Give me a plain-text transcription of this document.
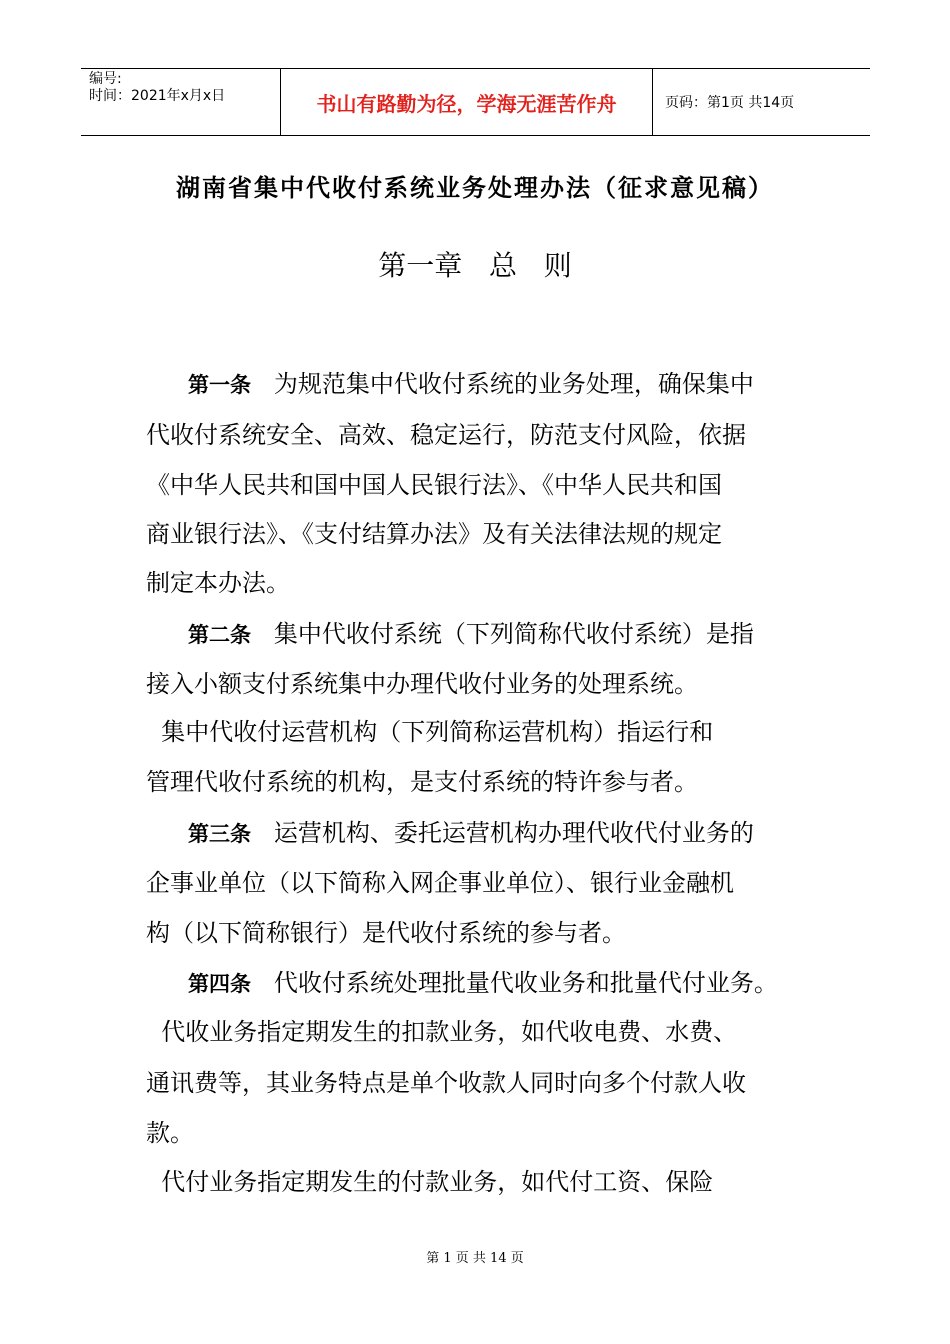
编号:
时间：2021年x月x日	书山有路勤为径，学海无涯苦作舟	页码：第1页 共14页
湖南省集中代收付系统业务处理办法（征求意见稿）
第一章   总   则
第一条   为规范集中代收付系统的业务处理，确保集中
代收付系统安全、高效、稳定运行，防范支付风险，依据
《中华人民共和国中国人民银行法》、《中华人民共和国
商业银行法》、《支付结算办法》及有关法律法规的规定
制定本办法。
第二条   集中代收付系统（下列简称代收付系统）是指
接入小额支付系统集中办理代收付业务的处理系统。
集中代收付运营机构（下列简称运营机构）指运行和
管理代收付系统的机构，是支付系统的特许参与者。
第三条   运营机构、委托运营机构办理代收代付业务的
企事业单位（以下简称入网企事业单位）、银行业金融机
构（以下简称银行）是代收付系统的参与者。
第四条   代收付系统处理批量代收业务和批量代付业务。
代收业务指定期发生的扣款业务，如代收电费、水费、
通讯费等，其业务特点是单个收款人同时向多个付款人收
款。
代付业务指定期发生的付款业务，如代付工资、保险
第 1 页 共 14 页
